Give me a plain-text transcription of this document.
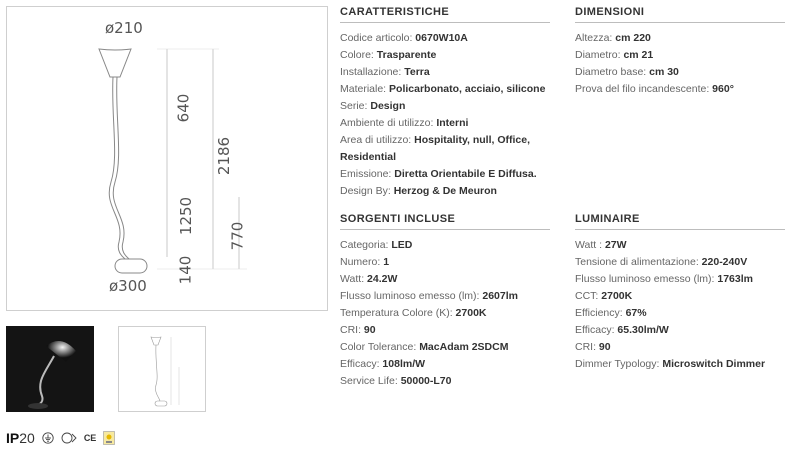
ø210
ø300
640
2186
1250
770
140
IP20	CE
CARATTERISTICHE
Codice articolo: 0670W10A
Colore: Trasparente
Installazione: Terra
Materiale: Policarbonato, acciaio, silicone
Serie: Design
Ambiente di utilizzo: Interni
Area di utilizzo: Hospitality, null, Office, Residential
Emissione: Diretta Orientabile E Diffusa.
Design By: Herzog & De Meuron
DIMENSIONI
Altezza: cm 220
Diametro: cm 21
Diametro base: cm 30
Prova del filo incandescente: 960°
SORGENTI INCLUSE
Categoria: LED
Numero: 1
Watt: 24.2W
Flusso luminoso emesso (lm): 2607lm
Temperatura Colore (K): 2700K
CRI: 90
Color Tolerance: MacAdam 2SDCM
Efficacy: 108lm/W
Service Life: 50000-L70
LUMINAIRE
Watt : 27W
Tensione di alimentazione: 220-240V
Flusso luminoso emesso (lm): 1763lm
CCT: 2700K
Efficiency: 67%
Efficacy: 65.30lm/W
CRI: 90
Dimmer Typology: Microswitch Dimmer
